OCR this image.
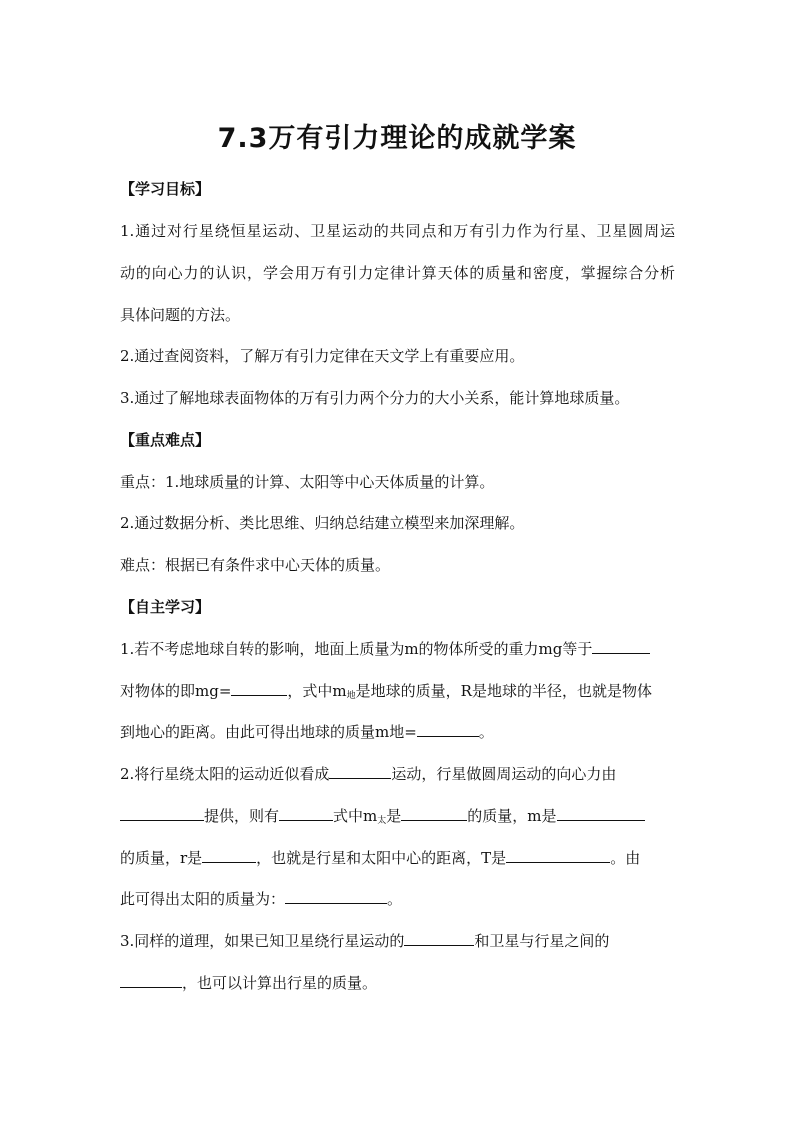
7.3万有引力理论的成就学案
【学习目标】
1.通过对行星绕恒星运动、卫星运动的共同点和万有引力作为行星、卫星圆周运
动的向心力的认识，学会用万有引力定律计算天体的质量和密度，掌握综合分析
具体问题的方法。
2.通过查阅资料，了解万有引力定律在天文学上有重要应用。
3.通过了解地球表面物体的万有引力两个分力的大小关系，能计算地球质量。
【重点难点】
重点：1.地球质量的计算、太阳等中心天体质量的计算。
2.通过数据分析、类比思维、归纳总结建立模型来加深理解。
难点：根据已有条件求中心天体的质量。
【自主学习】
1.若不考虑地球自转的影响，地面上质量为m的物体所受的重力mg等于
对物体的即mg=	，式中$m_地$是地球的质量，R是地球的半径，也就是物体
到地心的距离。由此可得出地球的质量m地=	。
2.将行星绕太阳的运动近似看成	运动，行星做圆周运动的向心力由
提供，则有	式中$m_太$是	的质量，m是
的质量，r是	，也就是行星和太阳中心的距离，T是	。由
此可得出太阳的质量为：	。
3.同样的道理，如果已知卫星绕行星运动的	和卫星与行星之间的
，也可以计算出行星的质量。
